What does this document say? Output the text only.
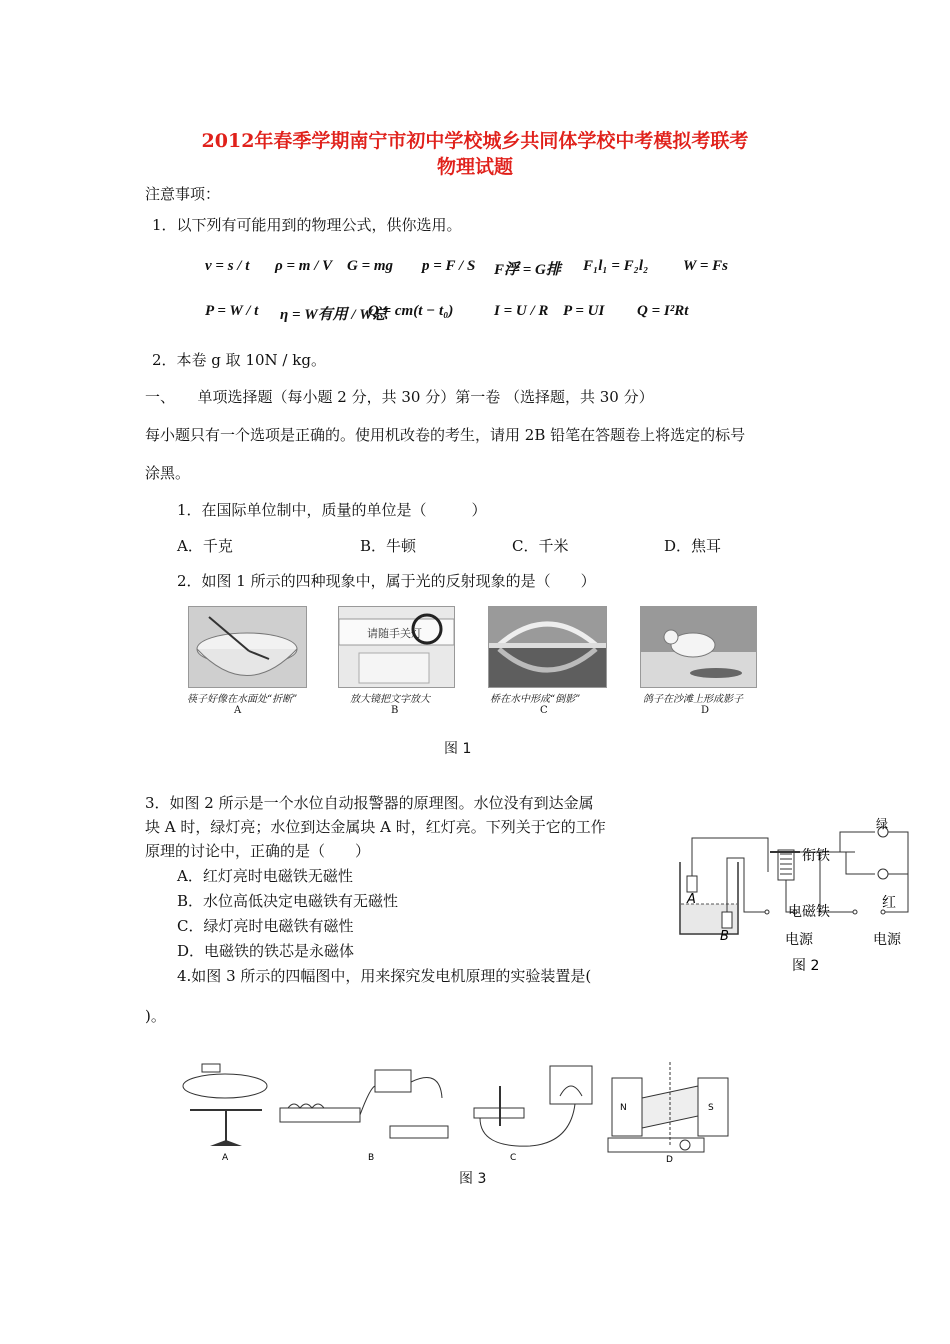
2012年春季学期南宁市初中学校城乡共同体学校中考模拟考联考
物理试题
注意事项：
1．以下列有可能用到的物理公式，供你选用。
v = s / t ρ = m / V G = mg p = F / S F浮 = G排 F₁l₁ = F₂l₂ W = Fs
P = W / t η = W有用 / W总
Q = cm(t − t₀)	I = U / R P = UI Q = I²Rt
2．本卷 g 取 10N / kg。
一、　　单项选择题（每小题 2 分，共 30 分）第一卷 （选择题，共 30 分）
每小题只有一个选项是正确的。使用机改卷的考生，请用 2B 铅笔在答题卷上将选定的标号
涂黑。
1．在国际单位制中，质量的单位是（　　　）
A．千克	B．牛顿	C．千米	D．焦耳
2．如图 1 所示的四种现象中，属于光的反射现象的是（　　）
请随手关灯
筷子好像在水面处“折断”	放大镜把文字放大	桥在水中形成“倒影”	鸽子在沙滩上形成影子
A	B	C	D
图 1
3．如图 2 所示是一个水位自动报警器的原理图。水位没有到达金属
块 A 时，绿灯亮；水位到达金属块 A 时，红灯亮。下列关于它的工作
原理的讨论中，正确的是（　　）
A．红灯亮时电磁铁无磁性
B．水位高低决定电磁铁有无磁性
C．绿灯亮时电磁铁有磁性
D．电磁铁的铁芯是永磁体
绿
红
衔铁
电磁铁
A
B	电源	电源
图 2
4.如图 3 所示的四幅图中，用来探究发电机原理的实验装置是(
)。
A	B	C
N	S
D
图 3
